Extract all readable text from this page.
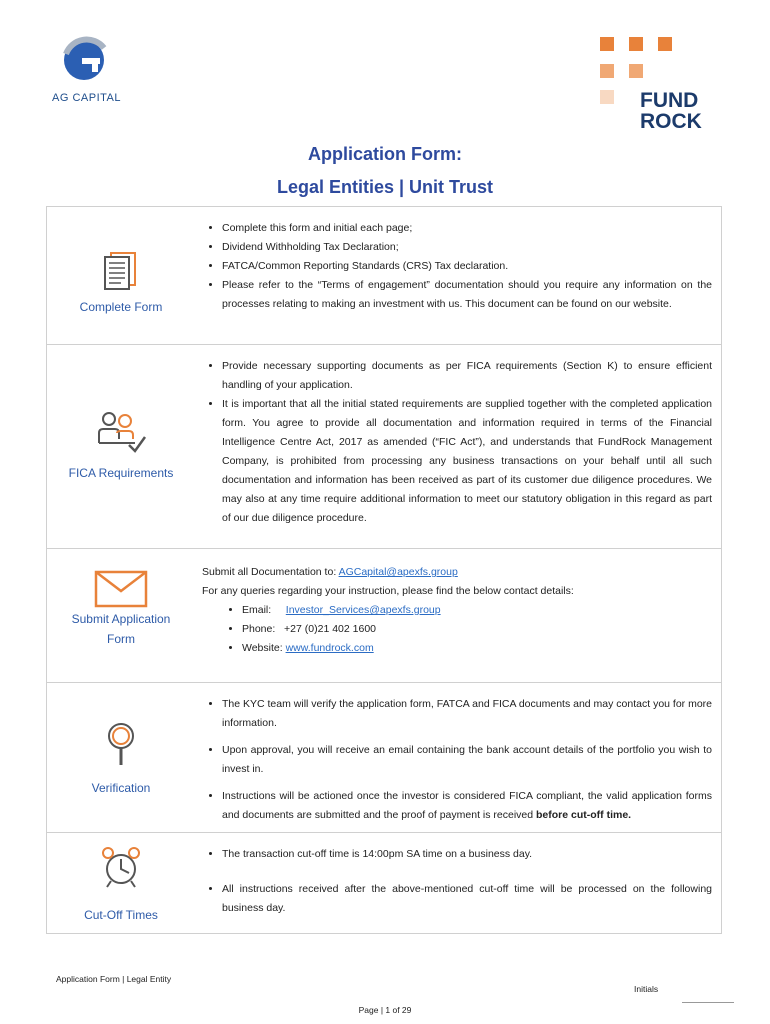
AG CAPITAL	FUND
ROCK
Application Form:
Legal Entities | Unit Trust
Complete Form
• Complete this form and initial each page;
• Dividend Withholding Tax Declaration;
• FATCA/Common Reporting Standards (CRS) Tax declaration.
• Please refer to the “Terms of engagement” documentation should you require any information on the processes relating to making an investment with us. This document can be found on our website.
FICA Requirements
• Provide necessary supporting documents as per FICA requirements (Section K) to ensure efficient handling of your application.
• It is important that all the initial stated requirements are supplied together with the completed application form. You agree to provide all documentation and information required in terms of the Financial Intelligence Centre Act, 2017 as amended (“FIC Act”), and understands that FundRock Management Company, is prohibited from processing any business transactions on your behalf until all such documentation and information has been received as part of its customer due diligence procedures. We may also at any time require additional information to meet our statutory obligation in this regard as part of our due diligence procedure.
Submit Application
Form
Submit all Documentation to: AGCapital@apexfs.group
For any queries regarding your instruction, please find the below contact details:
• Email: Investor_Services@apexfs.group
• Phone: +27 (0)21 402 1600
• Website: www.fundrock.com
Verification
• The KYC team will verify the application form, FATCA and FICA documents and may contact you for more information.
• Upon approval, you will receive an email containing the bank account details of the portfolio you wish to invest in.
• Instructions will be actioned once the investor is considered FICA compliant, the valid application forms and documents are submitted and the proof of payment is received before cut-off time.
Cut-Off Times
• The transaction cut-off time is 14:00pm SA time on a business day.
• All instructions received after the above-mentioned cut-off time will be processed on the following business day.
Application Form | Legal Entity
Initials
Page | 1 of 29
